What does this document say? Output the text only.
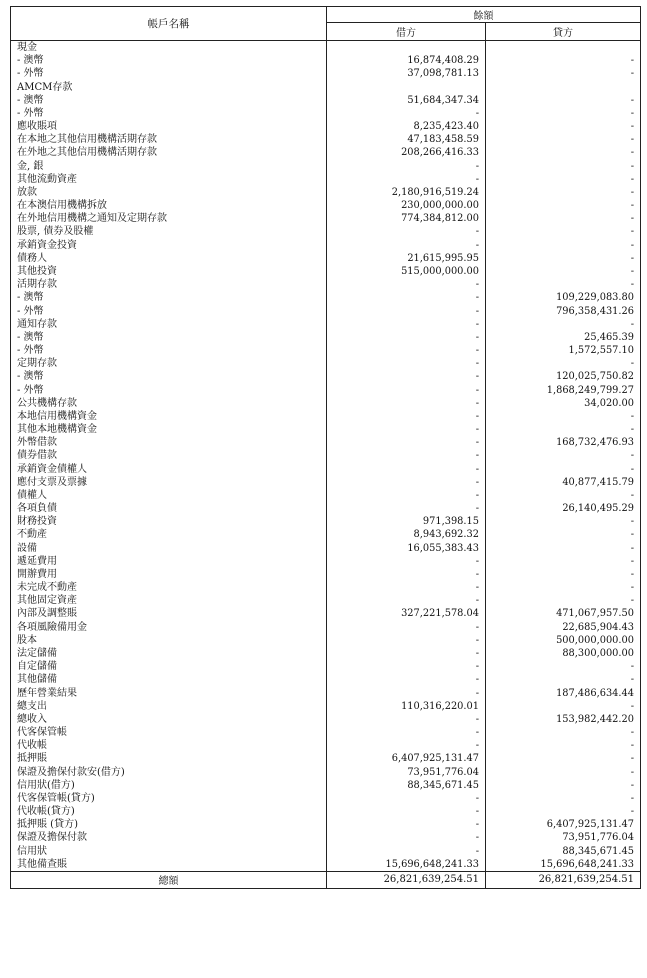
帳戶名稱	餘額	
	借方	貸方
現金		
- 澳幣	16,874,408.29	-
- 外幣	37,098,781.13	-
AMCM存款		
- 澳幣	51,684,347.34	-
- 外幣	-	-
應收賬項	8,235,423.40	-
在本地之其他信用機構活期存款	47,183,458.59	-
在外地之其他信用機構活期存款	208,266,416.33	-
金, 銀	-	-
其他流動資產	-	-
放款	2,180,916,519.24	-
在本澳信用機構拆放	230,000,000.00	-
在外地信用機構之通知及定期存款	774,384,812.00	-
股票, 債券及股權	-	-
承銷資金投資	-	-
債務人	21,615,995.95	-
其他投資	515,000,000.00	-
活期存款	-	-
- 澳幣	-	109,229,083.80
- 外幣	-	796,358,431.26
通知存款	-	-
- 澳幣	-	25,465.39
- 外幣	-	1,572,557.10
定期存款	-	-
- 澳幣	-	120,025,750.82
- 外幣	-	1,868,249,799.27
公共機構存款	-	34,020.00
本地信用機構資金	-	-
其他本地機構資金	-	-
外幣借款	-	168,732,476.93
債券借款	-	-
承銷資金債權人	-	-
應付支票及票據	-	40,877,415.79
債權人	-	-
各項負債	-	26,140,495.29
財務投資	971,398.15	-
不動產	8,943,692.32	-
設備	16,055,383.43	-
遞延費用	-	-
開辦費用	-	-
未完成不動產	-	-
其他固定資產	-	-
內部及調整賬	327,221,578.04	471,067,957.50
各項風險備用金	-	22,685,904.43
股本	-	500,000,000.00
法定儲備	-	88,300,000.00
自定儲備	-	-
其他儲備	-	-
歷年營業結果	-	187,486,634.44
總支出	110,316,220.01	-
總收入	-	153,982,442.20
代客保管帳	-	-
代收帳	-	-
抵押賬	6,407,925,131.47	-
保證及擔保付款安(借方)	73,951,776.04	-
信用狀(借方)	88,345,671.45	-
代客保管帳(貸方)	-	-
代收帳(貸方)	-	-
抵押賬 (貸方)	-	6,407,925,131.47
保證及擔保付款	-	73,951,776.04
信用狀	-	88,345,671.45
其他備查賬	15,696,648,241.33	15,696,648,241.33
總額	26,821,639,254.51	26,821,639,254.51
